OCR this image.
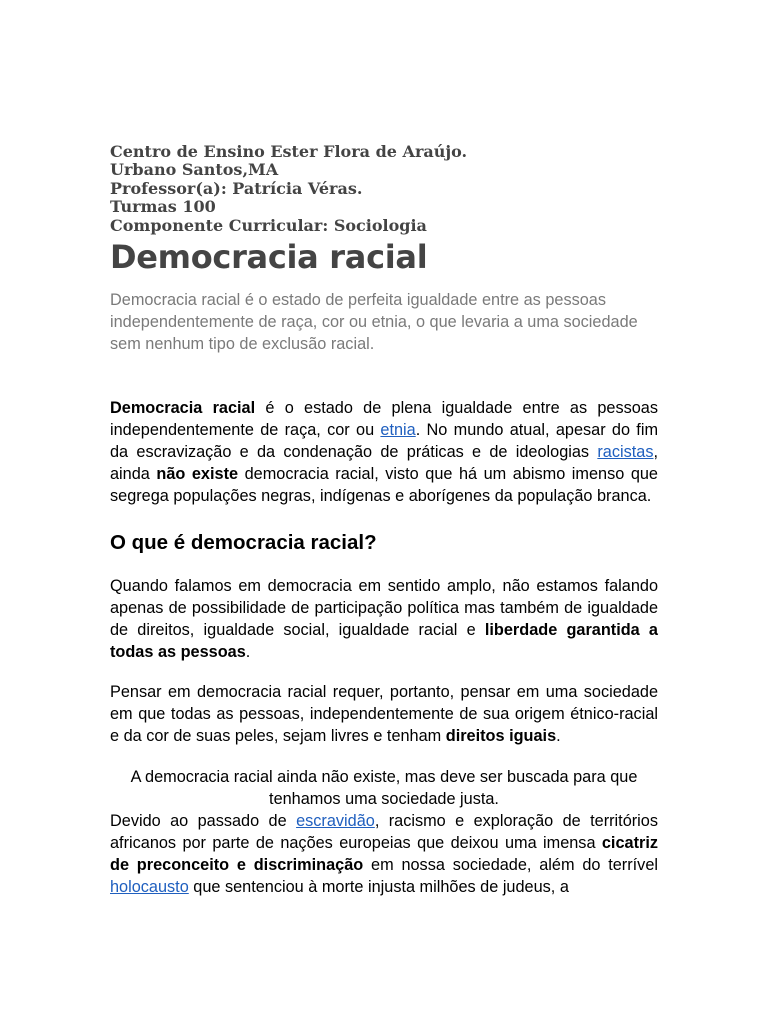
Centro de Ensino Ester Flora de Araújo.
Urbano Santos,MA
Professor(a): Patrícia Véras.
Turmas 100
Componente Curricular: Sociologia
Democracia racial

Democracia racial é o estado de perfeita igualdade entre as pessoas independentemente de raça, cor ou etnia, o que levaria a uma sociedade sem nenhum tipo de exclusão racial.

Democracia racial é o estado de plena igualdade entre as pessoas independentemente de raça, cor ou etnia. No mundo atual, apesar do fim da escravização e da condenação de práticas e de ideologias racistas, ainda não existe democracia racial, visto que há um abismo imenso que segrega populações negras, indígenas e aborígenes da população branca.

O que é democracia racial?

Quando falamos em democracia em sentido amplo, não estamos falando apenas de possibilidade de participação política mas também de igualdade de direitos, igualdade social, igualdade racial e liberdade garantida a todas as pessoas.

Pensar em democracia racial requer, portanto, pensar em uma sociedade em que todas as pessoas, independentemente de sua origem étnico-racial e da cor de suas peles, sejam livres e tenham direitos iguais.

A democracia racial ainda não existe, mas deve ser buscada para que tenhamos uma sociedade justa.

Devido ao passado de escravidão, racismo e exploração de territórios africanos por parte de nações europeias que deixou uma imensa cicatriz de preconceito e discriminação em nossa sociedade, além do terrível holocausto que sentenciou à morte injusta milhões de judeus, a
